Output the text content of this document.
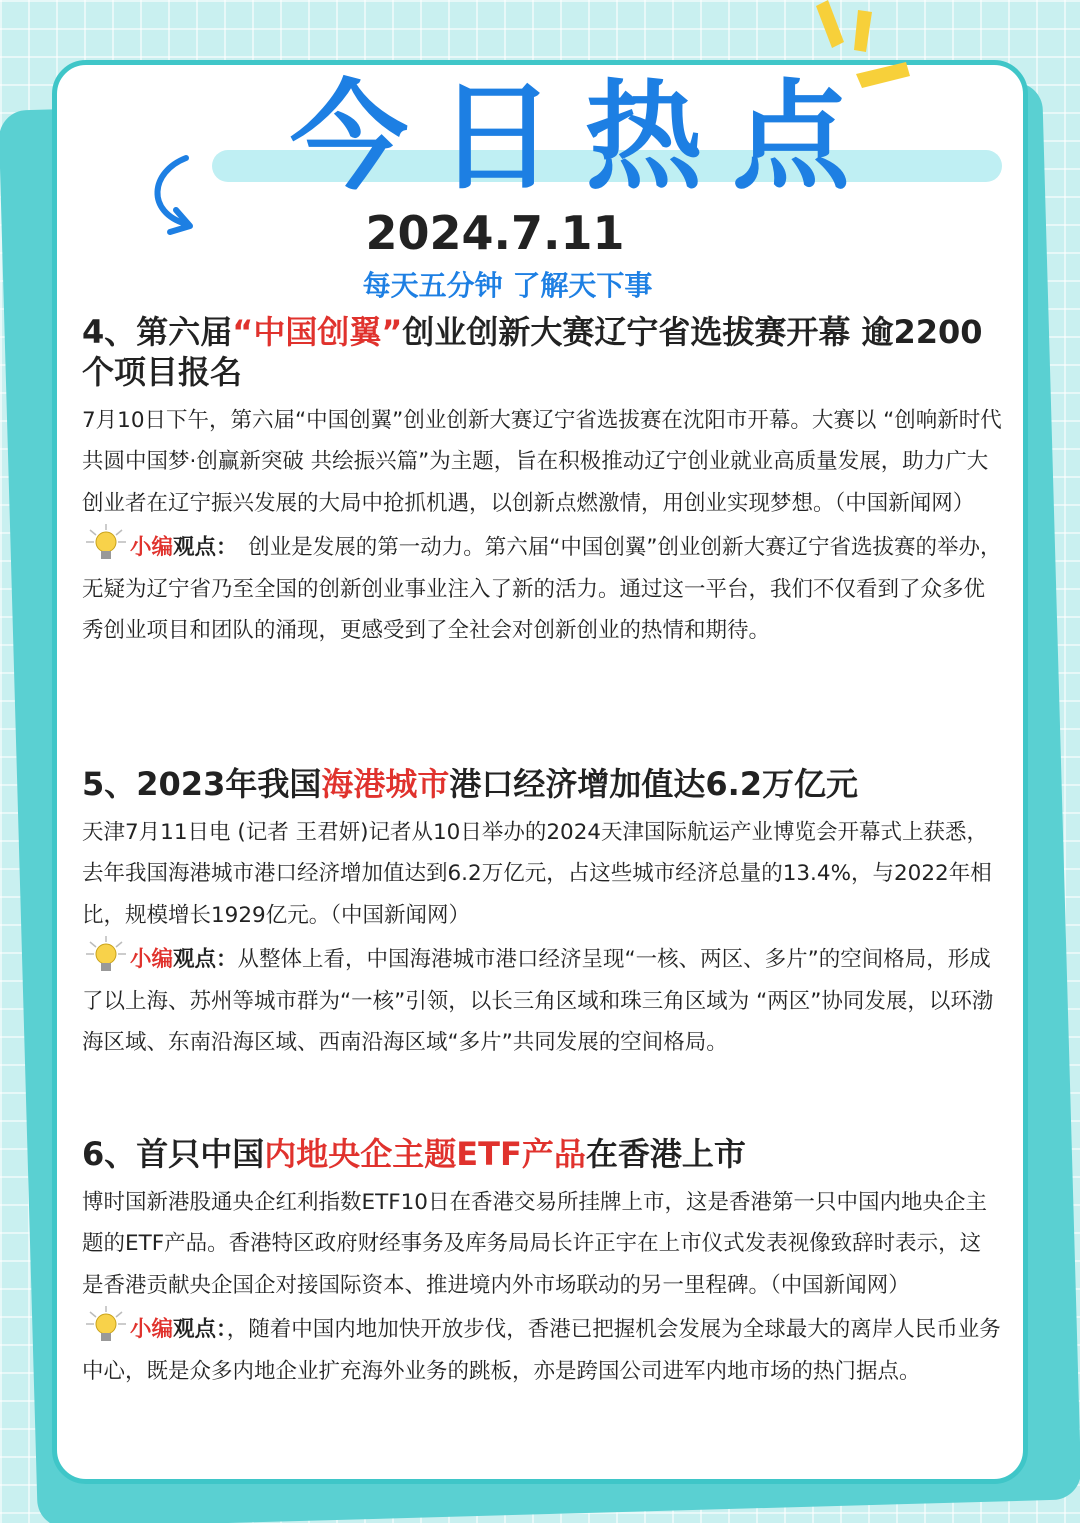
今 日 热 点
2024.7.11
每天五分钟 了解天下事
4、第六届“中国创翼”创业创新大赛辽宁省选拔赛开幕 逾2200个项目报名

7月10日下午，第六届“中国创翼”创业创新大赛辽宁省选拔赛在沈阳市开幕。大赛以 “创响新时代 共圆中国梦·创赢新突破 共绘振兴篇”为主题，旨在积极推动辽宁创业就业高质量发展，助力广大创业者在辽宁振兴发展的大局中抢抓机遇，以创新点燃激情，用创业实现梦想。（中国新闻网）

小编观点：　创业是发展的第一动力。第六届“中国创翼”创业创新大赛辽宁省选拔赛的举办，无疑为辽宁省乃至全国的创新创业事业注入了新的活力。通过这一平台，我们不仅看到了众多优秀创业项目和团队的涌现，更感受到了全社会对创新创业的热情和期待。
5、2023年我国海港城市港口经济增加值达6.2万亿元

天津7月11日电 (记者 王君妍)记者从10日举办的2024天津国际航运产业博览会开幕式上获悉，去年我国海港城市港口经济增加值达到6.2万亿元，占这些城市经济总量的13.4%，与2022年相比，规模增长1929亿元。（中国新闻网）

小编观点：从整体上看，中国海港城市港口经济呈现“一核、两区、多片”的空间格局，形成了以上海、苏州等城市群为“一核”引领，以长三角区域和珠三角区域为 “两区”协同发展，以环渤海区域、东南沿海区域、西南沿海区域“多片”共同发展的空间格局。
6、首只中国内地央企主题ETF产品在香港上市

博时国新港股通央企红利指数ETF10日在香港交易所挂牌上市，这是香港第一只中国内地央企主题的ETF产品。香港特区政府财经事务及库务局局长许正宇在上市仪式发表视像致辞时表示，这是香港贡献央企国企对接国际资本、推进境内外市场联动的另一里程碑。（中国新闻网）

小编观点：，随着中国内地加快开放步伐，香港已把握机会发展为全球最大的离岸人民币业务中心，既是众多内地企业扩充海外业务的跳板，亦是跨国公司进军内地市场的热门据点。
